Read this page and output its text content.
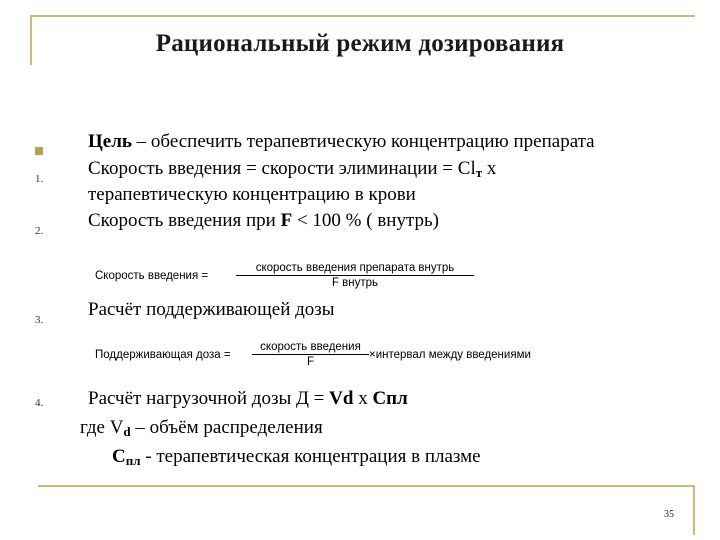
Рациональный режим дозирования
Цель – обеспечить терапевтическую концентрацию препарата
1. Скорость введения = скорости элиминации = Clт х
терапевтическую концентрацию в крови
2. Скорость введения при F < 100 % ( внутрь)
Скорость введения =
скорость введения препарата внутрь
F внутрь
3. Расчёт поддерживающей дозы
Поддерживающая доза =
скорость введения
F
×интервал между введениями
4. Расчёт нагрузочной дозы Д = Vd х Спл
где Vd – объём распределения
Спл - терапевтическая концентрация в плазме
35
